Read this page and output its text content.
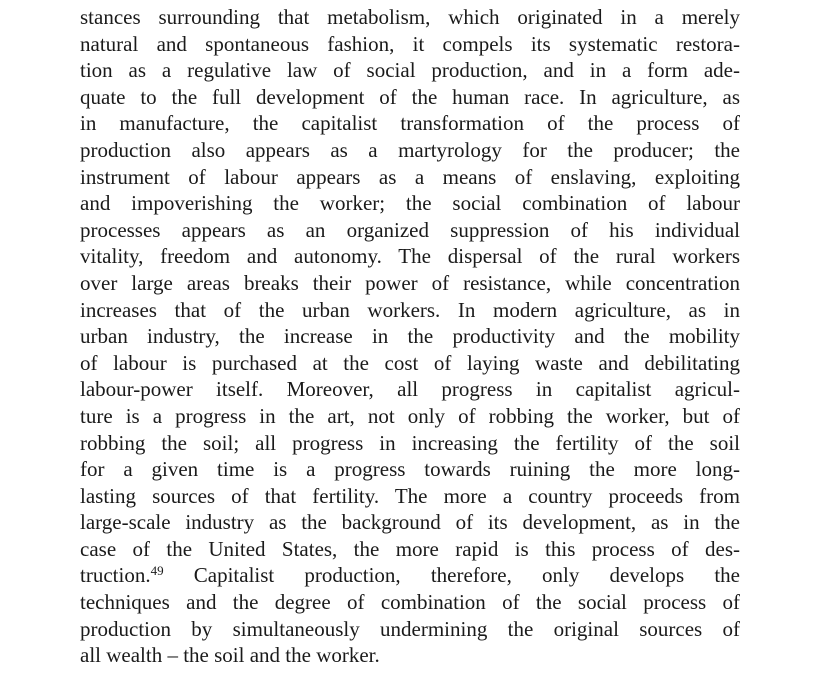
stances surrounding that metabolism, which originated in a merely
natural and spontaneous fashion, it compels its systematic restora-
tion as a regulative law of social production, and in a form ade-
quate to the full development of the human race. In agriculture, as
in manufacture, the capitalist transformation of the process of
production also appears as a martyrology for the producer; the
instrument of labour appears as a means of enslaving, exploiting
and impoverishing the worker; the social combination of labour
processes appears as an organized suppression of his individual
vitality, freedom and autonomy. The dispersal of the rural workers
over large areas breaks their power of resistance, while concentration
increases that of the urban workers. In modern agriculture, as in
urban industry, the increase in the productivity and the mobility
of labour is purchased at the cost of laying waste and debilitating
labour-power itself. Moreover, all progress in capitalist agricul-
ture is a progress in the art, not only of robbing the worker, but of
robbing the soil; all progress in increasing the fertility of the soil
for a given time is a progress towards ruining the more long-
lasting sources of that fertility. The more a country proceeds from
large-scale industry as the background of its development, as in the
case of the United States, the more rapid is this process of des-
truction.$^{49}$ Capitalist production, therefore, only develops the
techniques and the degree of combination of the social process of
production by simultaneously undermining the original sources of
all wealth – the soil and the worker.
